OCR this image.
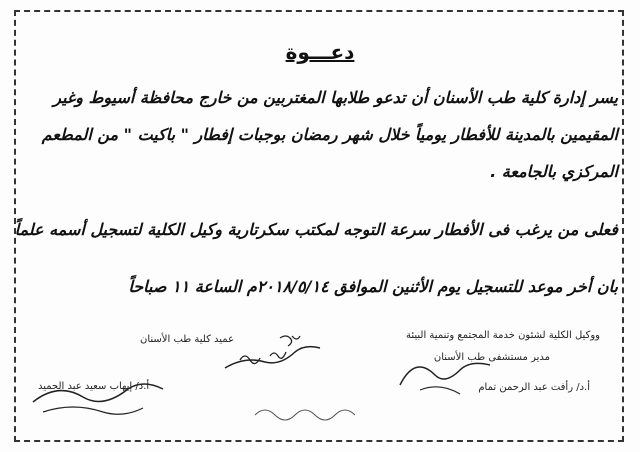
دعـــوة
يسر إدارة كلية طب الأسنان أن تدعو طلابها المغتربين من خارج محافظة أسيوط وغير
المقيمين بالمدينة للأفطار يومياً خلال شهر رمضان بوجبات إفطار " باكيت " من المطعم
المركزي بالجامعة .
فعلى من يرغب فى الأفطار سرعة التوجه لمكتب سكرتارية وكيل الكلية لتسجيل أسمه علماً
بان أخر موعد للتسجيل يوم الأثنين الموافق ٢٠١٨/٥/١٤م الساعة ١١ صباحاً
ووكيل الكلية لشئون خدمة المجتمع وتنمية البيئة
مدير مستشفى طب الأسنان
أ.د/ رأفت عبد الرحمن تمام
عميد كلية طب الأسنان
أ.د/ إيهاب سعيد عبد الحميد
